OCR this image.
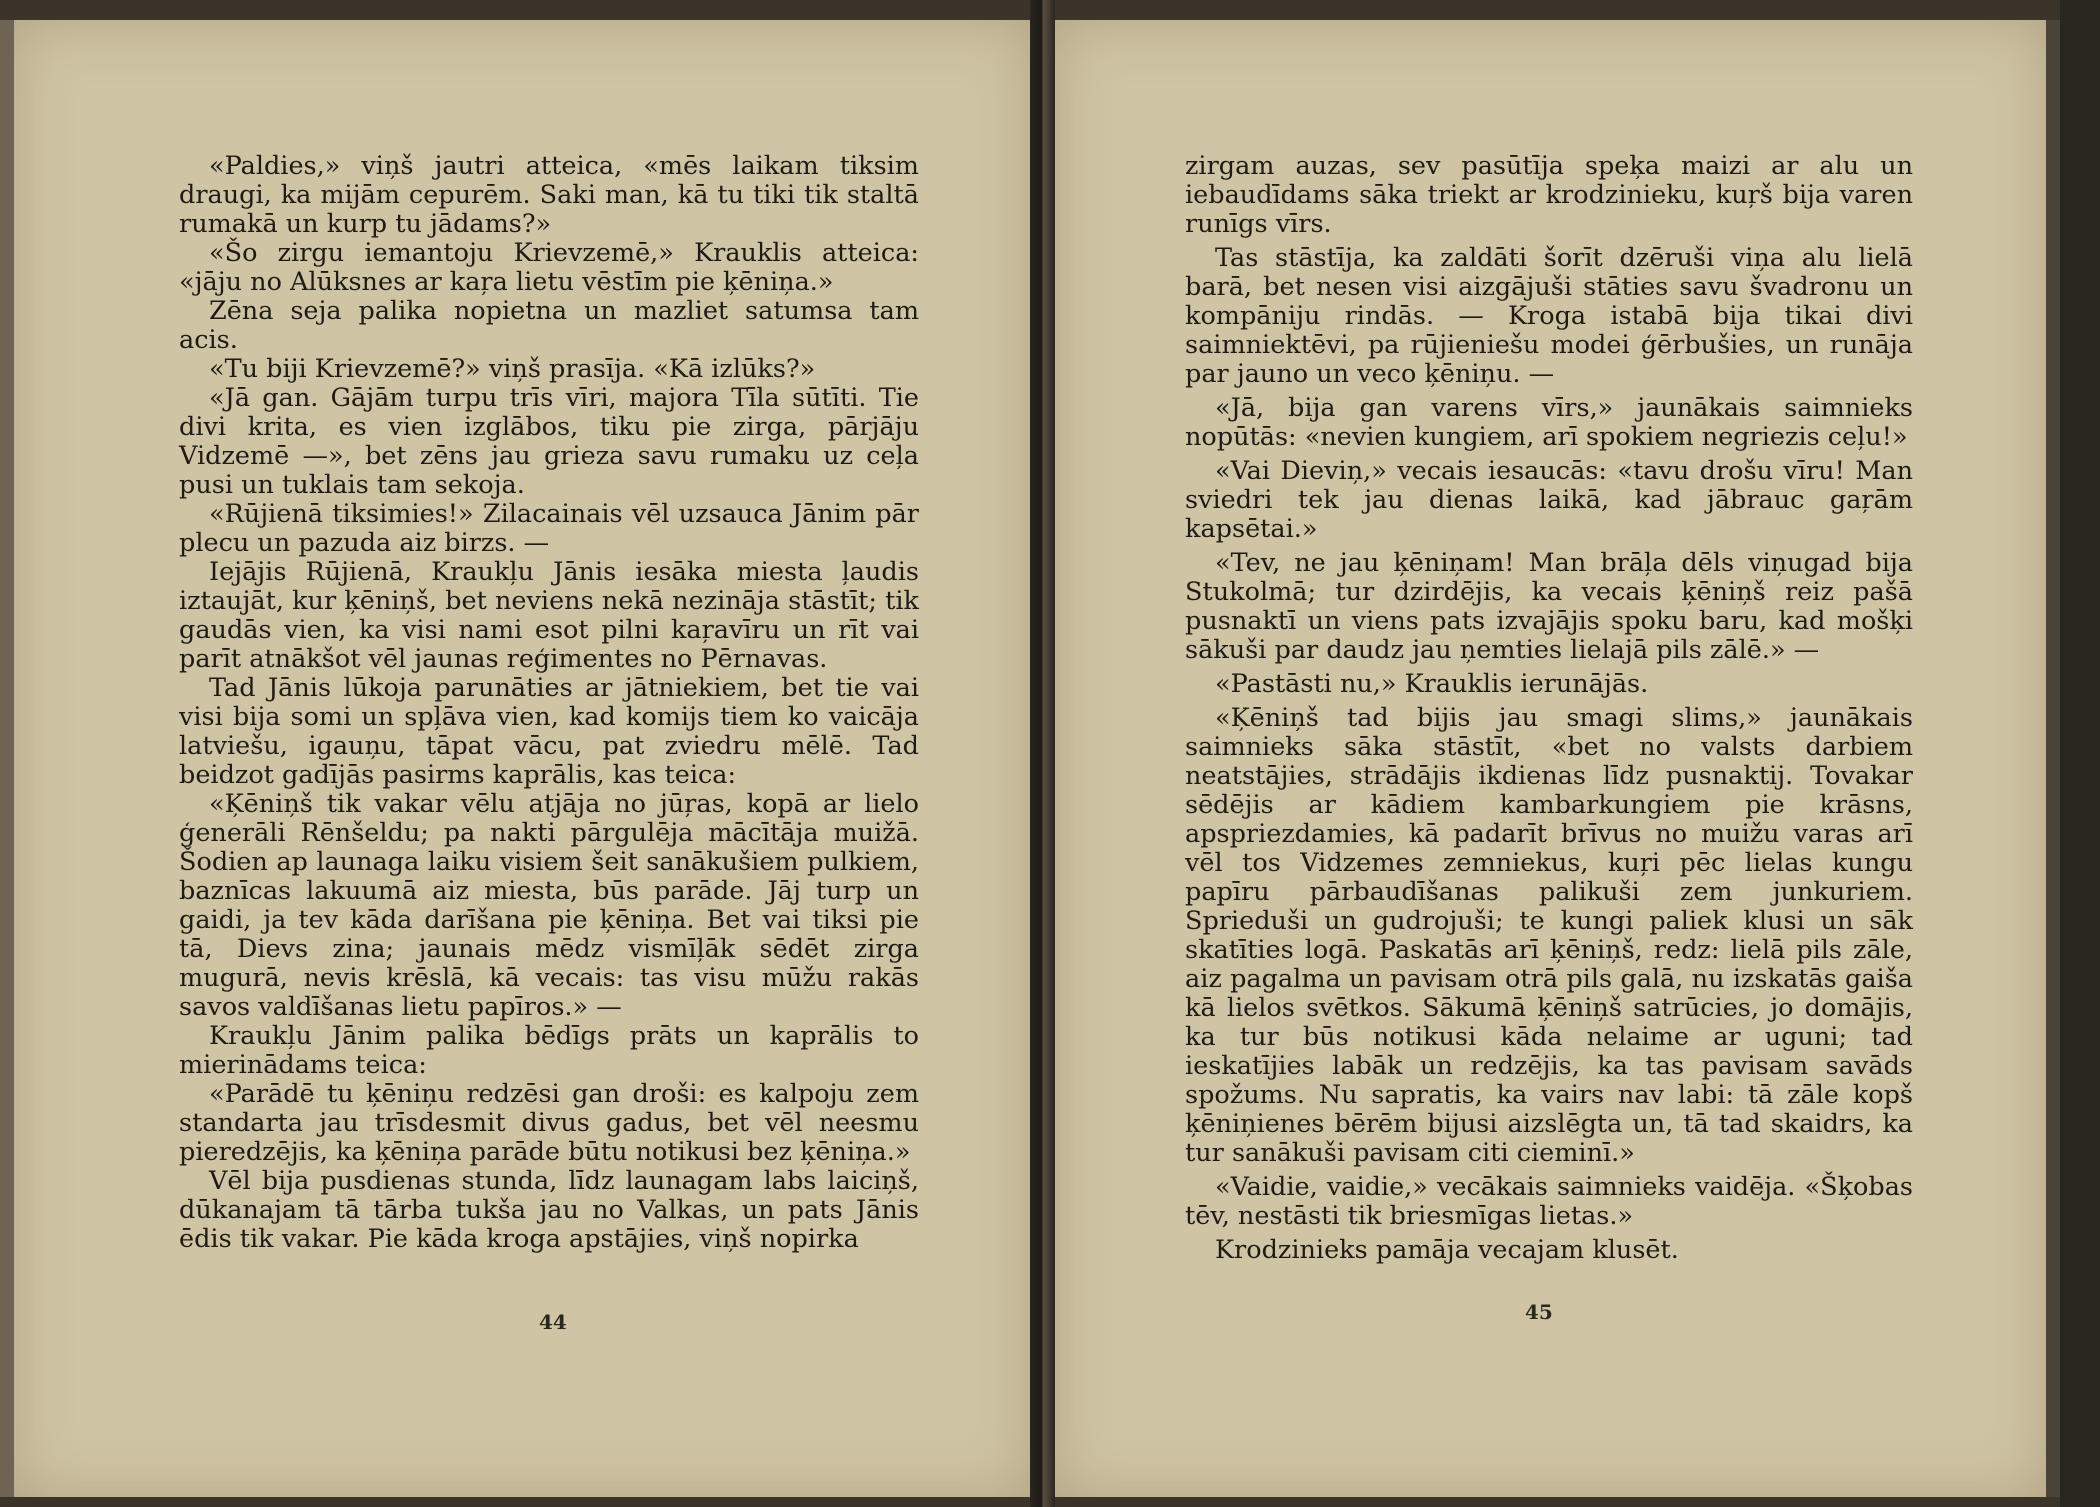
«Paldies,» viņš jautri atteica, «mēs laikam tiksim draugi, ka mijām cepurēm. Saki man, kā tu tiki tik staltā rumakā un kurp tu jādams?»

«Šo zirgu iemantoju Krievzemē,» Krauklis atteica: «jāju no Alūksnes ar kaŗa lietu vēstīm pie ķēniņa.»

Zēna seja palika nopietna un mazliet satumsa tam acis.

«Tu biji Krievzemē?» viņš prasīja. «Kā izlūks?»

«Jā gan. Gājām turpu trīs vīri, majora Tīla sūtīti. Tie divi krita, es vien izglābos, tiku pie zirga, pārjāju Vidzemē —», bet zēns jau grieza savu rumaku uz ceļa pusi un tuklais tam sekoja.

«Rūjienā tiksimies!» Zilacainais vēl uzsauca Jānim pār plecu un pazuda aiz birzs. —

Iejājis Rūjienā, Kraukļu Jānis iesāka miesta ļaudis iztaujāt, kur ķēniņš, bet neviens nekā nezināja stāstīt; tik gaudās vien, ka visi nami esot pilni kaŗavīru un rīt vai parīt atnākšot vēl jaunas reģimentes no Pērnavas.

Tad Jānis lūkoja parunāties ar jātniekiem, bet tie vai visi bija somi un spļāva vien, kad komijs tiem ko vaicāja latviešu, igauņu, tāpat vācu, pat zviedru mēlē. Tad beidzot gadījās pasirms kaprālis, kas teica:

«Ķēniņš tik vakar vēlu atjāja no jūŗas, kopā ar lielo ģenerāli Rēnšeldu; pa nakti pārgulēja mācītāja muižā. Šodien ap launaga laiku visiem šeit sanākušiem pulkiem, baznīcas lakuumā aiz miesta, būs parāde. Jāj turp un gaidi, ja tev kāda darīšana pie ķēniņa. Bet vai tiksi pie tā, Dievs zina; jaunais mēdz vismīļāk sēdēt zirga mugurā, nevis krēslā, kā vecais: tas visu mūžu rakās savos valdīšanas lietu papīros.» —

Kraukļu Jānim palika bēdīgs prāts un kaprālis to mierinādams teica:

«Parādē tu ķēniņu redzēsi gan droši: es kalpoju zem standarta jau trīsdesmit divus gadus, bet vēl neesmu pieredzējis, ka ķēniņa parāde būtu notikusi bez ķēniņa.»

Vēl bija pusdienas stunda, līdz launagam labs laiciņš, dūkanajam tā tārba tukša jau no Valkas, un pats Jānis ēdis tik vakar. Pie kāda kroga apstājies, viņš nopirka

44

zirgam auzas, sev pasūtīja speķa maizi ar alu un iebaudīdams sāka triekt ar krodzinieku, kuŗš bija varen runīgs vīrs.

Tas stāstīja, ka zaldāti šorīt dzēruši viņa alu lielā barā, bet nesen visi aizgājuši stāties savu švadronu un kompāniju rindās. — Kroga istabā bija tikai divi saimniektēvi, pa rūjieniešu modei ģērbušies, un runāja par jauno un veco ķēniņu. —

«Jā, bija gan varens vīrs,» jaunākais saimnieks nopūtās: «nevien kungiem, arī spokiem negriezis ceļu!»

«Vai Dieviņ,» vecais iesaucās: «tavu drošu vīru! Man sviedri tek jau dienas laikā, kad jābrauc gaŗām kapsētai.»

«Tev, ne jau ķēniņam! Man brāļa dēls viņugad bija Stukolmā; tur dzirdējis, ka vecais ķēniņš reiz pašā pusnaktī un viens pats izvajājis spoku baru, kad mošķi sākuši par daudz jau ņemties lielajā pils zālē.» —

«Pastāsti nu,» Krauklis ierunājās.

«Ķēniņš tad bijis jau smagi slims,» jaunākais saimnieks sāka stāstīt, «bet no valsts darbiem neatstājies, strādājis ikdienas līdz pusnaktij. Tovakar sēdējis ar kādiem kambarkungiem pie krāsns, apspriezdamies, kā padarīt brīvus no muižu varas arī vēl tos Vidzemes zemniekus, kuŗi pēc lielas kungu papīru pārbaudīšanas palikuši zem junkuriem. Sprieduši un gudrojuši; te kungi paliek klusi un sāk skatīties logā. Paskatās arī ķēniņš, redz: lielā pils zāle, aiz pagalma un pavisam otrā pils galā, nu izskatās gaiša kā lielos svētkos. Sākumā ķēniņš satrūcies, jo domājis, ka tur būs notikusi kāda nelaime ar uguni; tad ieskatījies labāk un redzējis, ka tas pavisam savāds spožums. Nu sapratis, ka vairs nav labi: tā zāle kopš ķēniņienes bērēm bijusi aizslēgta un, tā tad skaidrs, ka tur sanākuši pavisam citi cieminī.»

«Vaidie, vaidie,» vecākais saimnieks vaidēja. «Šķobas tēv, nestāsti tik briesmīgas lietas.»

Krodzinieks pamāja vecajam klusēt.

45
